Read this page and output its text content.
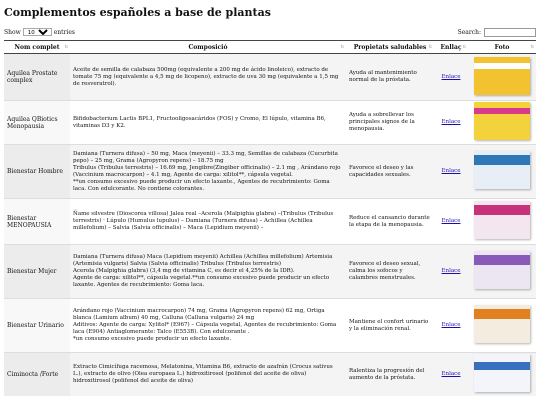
Complementos españoles a base de plantas
Show
10	entries	Search:
Nom complet ⇅	Composició ⇅	Propietats saludables ⇅	Enllaç ⇅	Foto ⇅

Aquilea Prostate complex	Aceite de semilla de calabaza 500mg (equivalente a 200 mg de ácido linoleico), extracto de tomate 75 mg (equivalente a 4,5 mg de licopeno), extracto de uva 30 mg (equivalente a 1,5 mg de resveratrol).	Ayuda al mantenimiento normal de la próstata.	Enlace	

Aquilea QBiotics Menopausia	Bifidobacterium Lactis BPL1, Fructooligosacáridos (FOS) y Cromo, El lúpulo, vitamina B6, vitaminas D3 y K2.	Ayuda a sobrellevar los principales signos de la menopausia.	Enlace	

Bienestar Hombre	Damiana (Turnera difusa) – 50 mg, Maca (meyenii) – 33.3 mg, Semillas de calabaza (Cucurbita pepo) – 25 mg, Grama (Agropyron repens) – 18.75 mg
Tribulus (Tribulus terrestris) – 16.69 mg, Jengibre(Zingiber officinalis) – 2.1 mg , Arándano rojo (Vaccinium macrocarpon) – 4.1 mg, Agente de carga: xilitol**, cápsula vegetal.
**un consumo excesivo puede producir un efecto laxante., Agentes de recubrimiento: Goma laca. Con edulcorante. No contiene colorantes.	Favorece el deseo y las capacidades sexuales.	Enlace	

Bienestar MENOPAUSIA	Ñame silvestre (Dioscorea villosa) Jalea real –Acerola (Malpighia glabra) –(Tribulus (Tribulus terrestris) · Lúpulo (Humulus lupulus) – Damiana (Turnera difusa) – Achillea (Achillea millefolium) – Salvia (Salvia officinalis) – Maca (Lepidium meyenii) –	Reduce el cansancio durante la etapa de la menopausia.	Enlace	

Bienestar Mujer	Damiana (Turnera difusa) Maca (Lepidium meyenii) Achillea (Achillea millefolium) Artemisia (Artemisia vulgaris) Salvia (Salvia officinalis) Tribulus (Tribulus terrestris)
Acerola (Malpighia glabra) (3,4 mg de vitamina C, es decir el 4,25% de la IDR).
Agente de carga: xilitol**, cápsula vegetal.**un consumo excesivo puede producir un efecto laxante. Agentes de recubrimiento: Goma laca.	Favorece el deseo sexual, calma los sofocos y calambres menstruales.	Enlace	

Bienestar Urinario	Arándano rojo (Vaccinium macrocarpon) 74 mg, Grama (Agropyron repens) 62 mg, Ortiga blanca (Lamium album) 40 mg, Calluna (Calluna vulgaris) 24 mg
Aditivos: Agente de carga: Xylitol* (E967) – Cápsula vegetal, Agentes de recubrimiento: Goma laca (E904) Antiaglomerante: Talco (E553B). Con edulcorante .
*un consumo excesivo puede producir un efecto laxante.	Mantiene el confort urinario y la eliminación renal.	Enlace	

Ciminocta /Forte	Extracto Cimicífuga racemosa, Melatonina, Vitamina B6, extracto de azafrán (Crocus sativus L.), extracto de olivo (Olea europaea L.) hidroxitirosol (polifenol del aceite de oliva) hidroxitirosol (polifenol del aceite de oliva)	Ralentiza la progresión del aumento de la próstata.	Enlace	
